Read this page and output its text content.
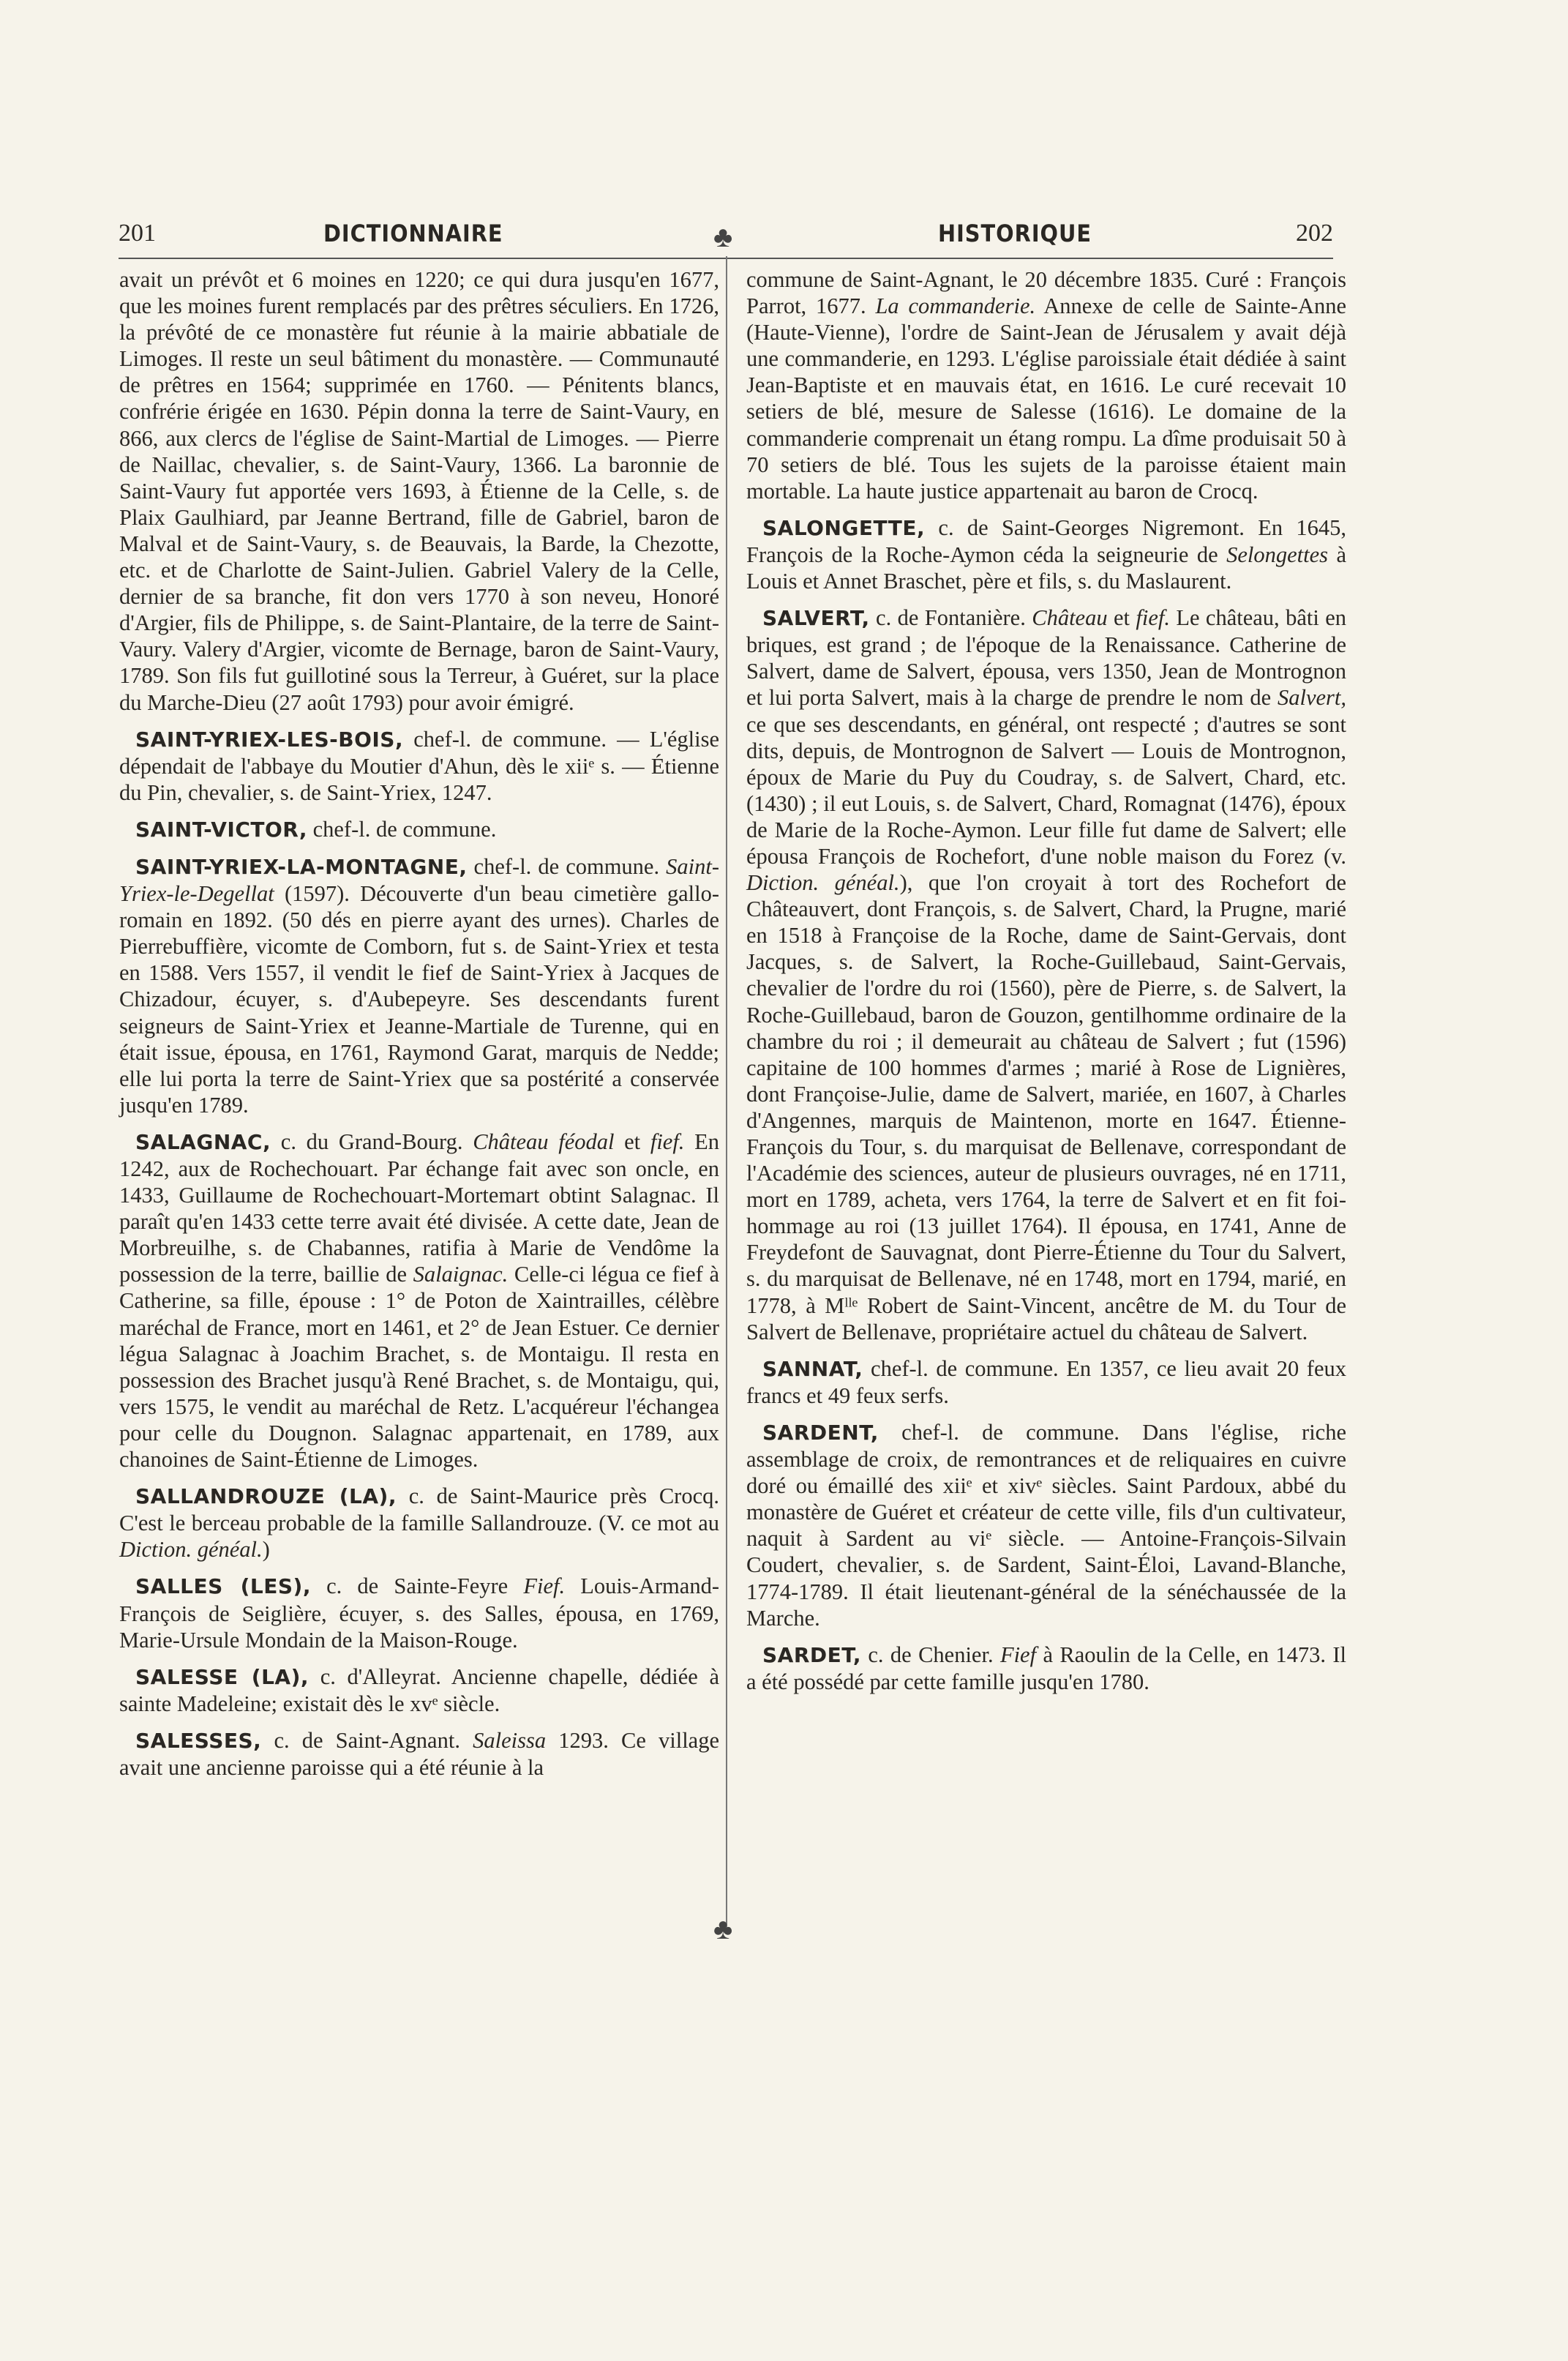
201	DICTIONNAIRE	HISTORIQUE	202
♣
♣

avait un prévôt et 6 moines en 1220; ce qui dura jusqu'en 1677, que les moines furent remplacés par des prêtres séculiers. En 1726, la prévôté de ce monastère fut réunie à la mairie abbatiale de Limoges. Il reste un seul bâtiment du monastère. — Communauté de prêtres en 1564; supprimée en 1760. — Pénitents blancs, confrérie érigée en 1630. Pépin donna la terre de Saint-Vaury, en 866, aux clercs de l'église de Saint-Martial de Limoges. — Pierre de Naillac, chevalier, s. de Saint-Vaury, 1366. La baronnie de Saint-Vaury fut apportée vers 1693, à Étienne de la Celle, s. de Plaix Gaulhiard, par Jeanne Bertrand, fille de Gabriel, baron de Malval et de Saint-Vaury, s. de Beauvais, la Barde, la Chezotte, etc. et de Charlotte de Saint-Julien. Gabriel Valery de la Celle, dernier de sa branche, fit don vers 1770 à son neveu, Honoré d'Argier, fils de Philippe, s. de Saint-Plantaire, de la terre de Saint-Vaury. Valery d'Argier, vicomte de Bernage, baron de Saint-Vaury, 1789. Son fils fut guillotiné sous la Terreur, à Guéret, sur la place du Marche-Dieu (27 août 1793) pour avoir émigré.

SAINT-YRIEX-LES-BOIS, chef-l. de commune. — L'église dépendait de l'abbaye du Moutier d'Ahun, dès le xiiᵉ s. — Étienne du Pin, chevalier, s. de Saint-Yriex, 1247.

SAINT-VICTOR, chef-l. de commune.

SAINT-YRIEX-LA-MONTAGNE, chef-l. de commune. Saint-Yriex-le-Degellat (1597). Découverte d'un beau cimetière gallo-romain en 1892. (50 dés en pierre ayant des urnes). Charles de Pierrebuffière, vicomte de Comborn, fut s. de Saint-Yriex et testa en 1588. Vers 1557, il vendit le fief de Saint-Yriex à Jacques de Chizadour, écuyer, s. d'Aubepeyre. Ses descendants furent seigneurs de Saint-Yriex et Jeanne-Martiale de Turenne, qui en était issue, épousa, en 1761, Raymond Garat, marquis de Nedde; elle lui porta la terre de Saint-Yriex que sa postérité a conservée jusqu'en 1789.

SALAGNAC, c. du Grand-Bourg. Château féodal et fief. En 1242, aux de Rochechouart. Par échange fait avec son oncle, en 1433, Guillaume de Rochechouart-Mortemart obtint Salagnac. Il paraît qu'en 1433 cette terre avait été divisée. A cette date, Jean de Morbreuilhe, s. de Chabannes, ratifia à Marie de Vendôme la possession de la terre, baillie de Salaignac. Celle-ci légua ce fief à Catherine, sa fille, épouse : 1° de Poton de Xaintrailles, célèbre maréchal de France, mort en 1461, et 2° de Jean Estuer. Ce dernier légua Salagnac à Joachim Brachet, s. de Montaigu. Il resta en possession des Brachet jusqu'à René Brachet, s. de Montaigu, qui, vers 1575, le vendit au maréchal de Retz. L'acquéreur l'échangea pour celle du Dougnon. Salagnac appartenait, en 1789, aux chanoines de Saint-Étienne de Limoges.

SALLANDROUZE (LA), c. de Saint-Maurice près Crocq. C'est le berceau probable de la famille Sallandrouze. (V. ce mot au Diction. généal.)

SALLES (LES), c. de Sainte-Feyre Fief. Louis-Armand-François de Seiglière, écuyer, s. des Salles, épousa, en 1769, Marie-Ursule Mondain de la Maison-Rouge.

SALESSE (LA), c. d'Alleyrat. Ancienne chapelle, dédiée à sainte Madeleine; existait dès le xvᵉ siècle.

SALESSES, c. de Saint-Agnant. Saleissa 1293. Ce village avait une ancienne paroisse qui a été réunie à la

commune de Saint-Agnant, le 20 décembre 1835. Curé : François Parrot, 1677. La commanderie. Annexe de celle de Sainte-Anne (Haute-Vienne), l'ordre de Saint-Jean de Jérusalem y avait déjà une commanderie, en 1293. L'église paroissiale était dédiée à saint Jean-Baptiste et en mauvais état, en 1616. Le curé recevait 10 setiers de blé, mesure de Salesse (1616). Le domaine de la commanderie comprenait un étang rompu. La dîme produisait 50 à 70 setiers de blé. Tous les sujets de la paroisse étaient main mortable. La haute justice appartenait au baron de Crocq.

SALONGETTE, c. de Saint-Georges Nigremont. En 1645, François de la Roche-Aymon céda la seigneurie de Selongettes à Louis et Annet Braschet, père et fils, s. du Maslaurent.

SALVERT, c. de Fontanière. Château et fief. Le château, bâti en briques, est grand ; de l'époque de la Renaissance. Catherine de Salvert, dame de Salvert, épousa, vers 1350, Jean de Montrognon et lui porta Salvert, mais à la charge de prendre le nom de Salvert, ce que ses descendants, en général, ont respecté ; d'autres se sont dits, depuis, de Montrognon de Salvert — Louis de Montrognon, époux de Marie du Puy du Coudray, s. de Salvert, Chard, etc. (1430) ; il eut Louis, s. de Salvert, Chard, Romagnat (1476), époux de Marie de la Roche-Aymon. Leur fille fut dame de Salvert; elle épousa François de Rochefort, d'une noble maison du Forez (v. Diction. généal.), que l'on croyait à tort des Rochefort de Châteauvert, dont François, s. de Salvert, Chard, la Prugne, marié en 1518 à Françoise de la Roche, dame de Saint-Gervais, dont Jacques, s. de Salvert, la Roche-Guillebaud, Saint-Gervais, chevalier de l'ordre du roi (1560), père de Pierre, s. de Salvert, la Roche-Guillebaud, baron de Gouzon, gentilhomme ordinaire de la chambre du roi ; il demeurait au château de Salvert ; fut (1596) capitaine de 100 hommes d'armes ; marié à Rose de Lignières, dont Françoise-Julie, dame de Salvert, mariée, en 1607, à Charles d'Angennes, marquis de Maintenon, morte en 1647. Étienne-François du Tour, s. du marquisat de Bellenave, correspondant de l'Académie des sciences, auteur de plusieurs ouvrages, né en 1711, mort en 1789, acheta, vers 1764, la terre de Salvert et en fit foi-hommage au roi (13 juillet 1764). Il épousa, en 1741, Anne de Freydefont de Sauvagnat, dont Pierre-Étienne du Tour du Salvert, s. du marquisat de Bellenave, né en 1748, mort en 1794, marié, en 1778, à Mˡˡᵉ Robert de Saint-Vincent, ancêtre de M. du Tour de Salvert de Bellenave, propriétaire actuel du château de Salvert.

SANNAT, chef-l. de commune. En 1357, ce lieu avait 20 feux francs et 49 feux serfs.

SARDENT, chef-l. de commune. Dans l'église, riche assemblage de croix, de remontrances et de reliquaires en cuivre doré ou émaillé des xiiᵉ et xivᵉ siècles. Saint Pardoux, abbé du monastère de Guéret et créateur de cette ville, fils d'un cultivateur, naquit à Sardent au viᵉ siècle. — Antoine-François-Silvain Coudert, chevalier, s. de Sardent, Saint-Éloi, Lavand-Blanche, 1774-1789. Il était lieutenant-général de la sénéchaussée de la Marche.

SARDET, c. de Chenier. Fief à Raoulin de la Celle, en 1473. Il a été possédé par cette famille jusqu'en 1780.
